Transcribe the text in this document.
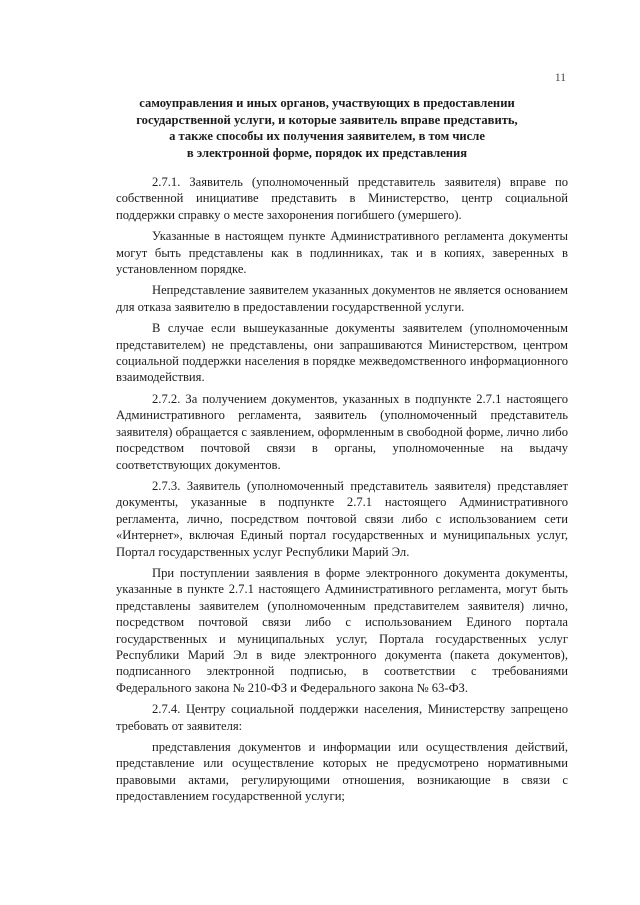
11
самоуправления и иных органов, участвующих в предоставлении
государственной услуги, и которые заявитель вправе представить,
а также способы их получения заявителем, в том числе
в электронной форме, порядок их представления

2.7.1. Заявитель (уполномоченный представитель заявителя) вправе по собственной инициативе представить в Министерство, центр социальной поддержки справку о месте захоронения погибшего (умершего).

Указанные в настоящем пункте Административного регламента документы могут быть представлены как в подлинниках, так и в копиях, заверенных в установленном порядке.

Непредставление заявителем указанных документов не является основанием для отказа заявителю в предоставлении государственной услуги.

В случае если вышеуказанные документы заявителем (уполномоченным представителем) не представлены, они запрашиваются Министерством, центром социальной поддержки населения в порядке межведомственного информационного взаимодействия.

2.7.2. За получением документов, указанных в подпункте 2.7.1 настоящего Административного регламента, заявитель (уполномоченный представитель заявителя) обращается с заявлением, оформленным в свободной форме, лично либо посредством почтовой связи в органы, уполномоченные на выдачу соответствующих документов.

2.7.3. Заявитель (уполномоченный представитель заявителя) представляет документы, указанные в подпункте 2.7.1 настоящего Административного регламента, лично, посредством почтовой связи либо с использованием сети «Интернет», включая Единый портал государственных и муниципальных услуг, Портал государственных услуг Республики Марий Эл.

При поступлении заявления в форме электронного документа документы, указанные в пункте 2.7.1 настоящего Административного регламента, могут быть представлены заявителем (уполномоченным представителем заявителя) лично, посредством почтовой связи либо с использованием Единого портала государственных и муниципальных услуг, Портала государственных услуг Республики Марий Эл в виде электронного документа (пакета документов), подписанного электронной подписью, в соответствии с требованиями Федерального закона № 210-ФЗ и Федерального закона № 63-ФЗ.

2.7.4. Центру социальной поддержки населения, Министерству запрещено требовать от заявителя:

представления документов и информации или осуществления действий, представление или осуществление которых не предусмотрено нормативными правовыми актами, регулирующими отношения, возникающие в связи с предоставлением государственной услуги;
